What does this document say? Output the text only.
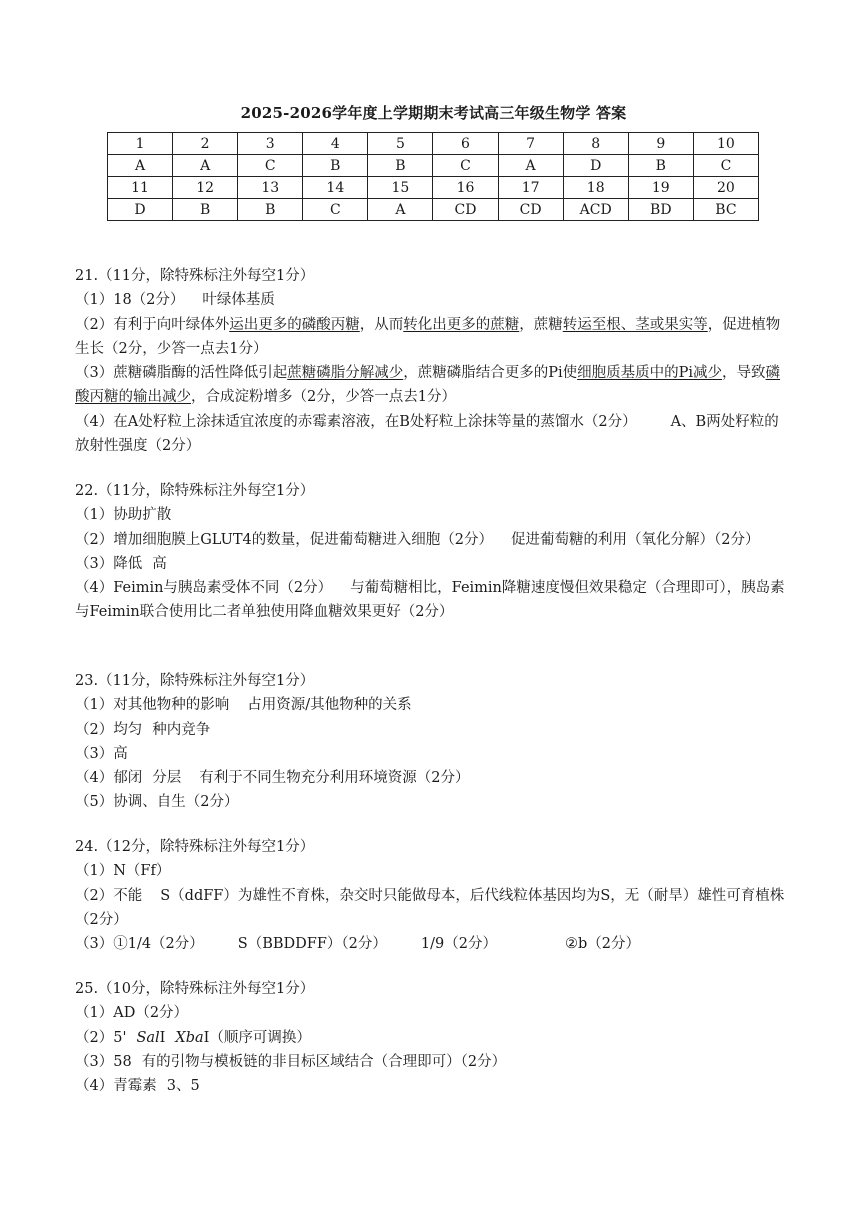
2025-2026学年度上学期期末考试高三年级生物学 答案
1	2	3	4	5	6	7	8	9	10
A	A	C	B	B	C	A	D	B	C
11	12	13	14	15	16	17	18	19	20
D	B	B	C	A	CD	CD	ACD	BD	BC
21.（11分，除特殊标注外每空1分）
（1）18（2分） 叶绿体基质
（2）有利于向叶绿体外运出更多的磷酸丙糖，从而转化出更多的蔗糖，蔗糖转运至根、茎或果实等，促进植物生长（2分，少答一点去1分）
（3）蔗糖磷脂酶的活性降低引起蔗糖磷脂分解减少，蔗糖磷脂结合更多的Pi使细胞质基质中的Pi减少，导致磷酸丙糖的输出减少，合成淀粉增多（2分，少答一点去1分）
（4）在A处籽粒上涂抹适宜浓度的赤霉素溶液，在B处籽粒上涂抹等量的蒸馏水（2分） A、B两处籽粒的放射性强度（2分）
22.（11分，除特殊标注外每空1分）
（1）协助扩散
（2）增加细胞膜上GLUT4的数量，促进葡萄糖进入细胞（2分） 促进葡萄糖的利用（氧化分解）（2分）
（3）降低 高
（4）Feimin与胰岛素受体不同（2分） 与葡萄糖相比，Feimin降糖速度慢但效果稳定（合理即可），胰岛素与Feimin联合使用比二者单独使用降血糖效果更好（2分）
23.（11分，除特殊标注外每空1分）
（1）对其他物种的影响 占用资源/其他物种的关系
（2）均匀 种内竞争
（3）高
（4）郁闭 分层 有利于不同生物充分利用环境资源（2分）
（5）协调、自生（2分）
24.（12分，除特殊标注外每空1分）
（1）N（Ff）
（2）不能 S（ddFF）为雄性不育株，杂交时只能做母本，后代线粒体基因均为S，无（耐旱）雄性可育植株（2分）
（3）①1/4（2分） S（BBDDFF）（2分） 1/9（2分）	②b（2分）
25.（10分，除特殊标注外每空1分）
（1）AD（2分）
（2）5' SalⅠ XbaⅠ（顺序可调换）
（3）58 有的引物与模板链的非目标区域结合（合理即可）（2分）
（4）青霉素 3、5
